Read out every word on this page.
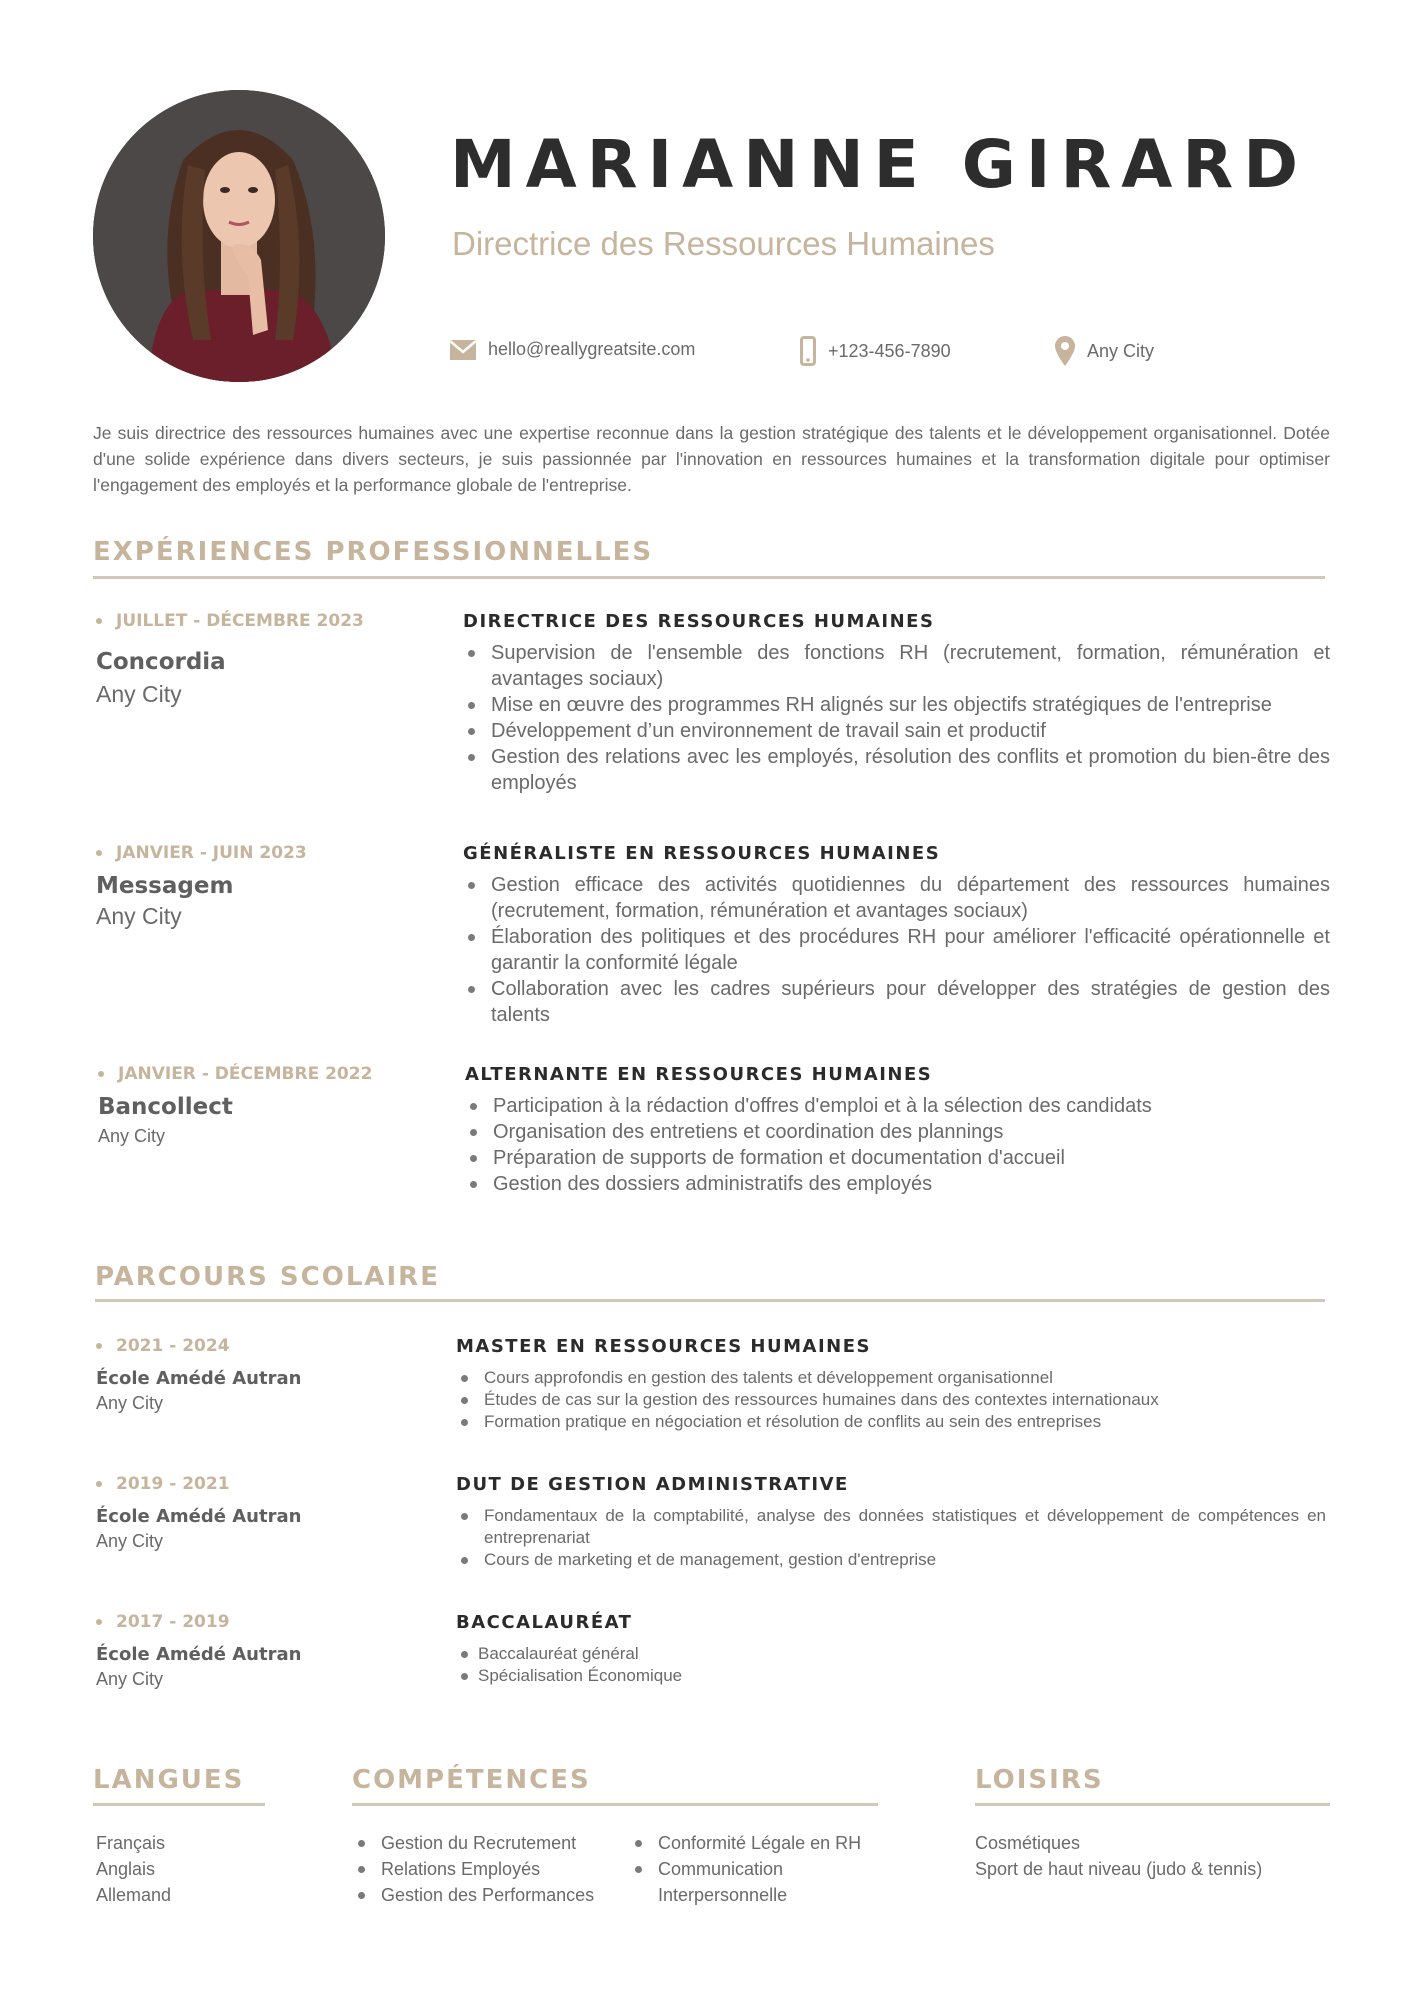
MARIANNE GIRARD
Directrice des Ressources Humaines
hello@reallygreatsite.com	+123-456-7890	Any City
Je suis directrice des ressources humaines avec une expertise reconnue dans la gestion stratégique des talents et le développement organisationnel. Dotée d'une solide expérience dans divers secteurs, je suis passionnée par l'innovation en ressources humaines et la transformation digitale pour optimiser l'engagement des employés et la performance globale de l'entreprise.
EXPÉRIENCES PROFESSIONNELLES
JUILLET - DÉCEMBRE 2023
Concordia
Any City
DIRECTRICE DES RESSOURCES HUMAINES
Supervision de l'ensemble des fonctions RH (recrutement, formation, rémunération et avantages sociaux)
Mise en œuvre des programmes RH alignés sur les objectifs stratégiques de l'entreprise
Développement d’un environnement de travail sain et productif
Gestion des relations avec les employés, résolution des conflits et promotion du bien-être des employés
JANVIER - JUIN 2023
Messagem
Any City
GÉNÉRALISTE EN RESSOURCES HUMAINES
Gestion efficace des activités quotidiennes du département des ressources humaines (recrutement, formation, rémunération et avantages sociaux)
Élaboration des politiques et des procédures RH pour améliorer l'efficacité opérationnelle et garantir la conformité légale
Collaboration avec les cadres supérieurs pour développer des stratégies de gestion des talents
JANVIER - DÉCEMBRE 2022
Bancollect
Any City
ALTERNANTE EN RESSOURCES HUMAINES
Participation à la rédaction d'offres d'emploi et à la sélection des candidats
Organisation des entretiens et coordination des plannings
Préparation de supports de formation et documentation d'accueil
Gestion des dossiers administratifs des employés
PARCOURS SCOLAIRE
2021 - 2024
École Amédé Autran
Any City
MASTER EN RESSOURCES HUMAINES
Cours approfondis en gestion des talents et développement organisationnel
Études de cas sur la gestion des ressources humaines dans des contextes internationaux
Formation pratique en négociation et résolution de conflits au sein des entreprises
2019 - 2021
École Amédé Autran
Any City
DUT DE GESTION ADMINISTRATIVE
Fondamentaux de la comptabilité, analyse des données statistiques et développement de compétences en entreprenariat
Cours de marketing et de management, gestion d'entreprise
2017 - 2019
École Amédé Autran
Any City
BACCALAURÉAT
Baccalauréat général
Spécialisation Économique
LANGUES
Français
Anglais
Allemand
COMPÉTENCES
Gestion du Recrutement
Relations Employés
Gestion des Performances
Conformité Légale en RH
Communication
Interpersonnelle
LOISIRS
Cosmétiques
Sport de haut niveau (judo & tennis)
